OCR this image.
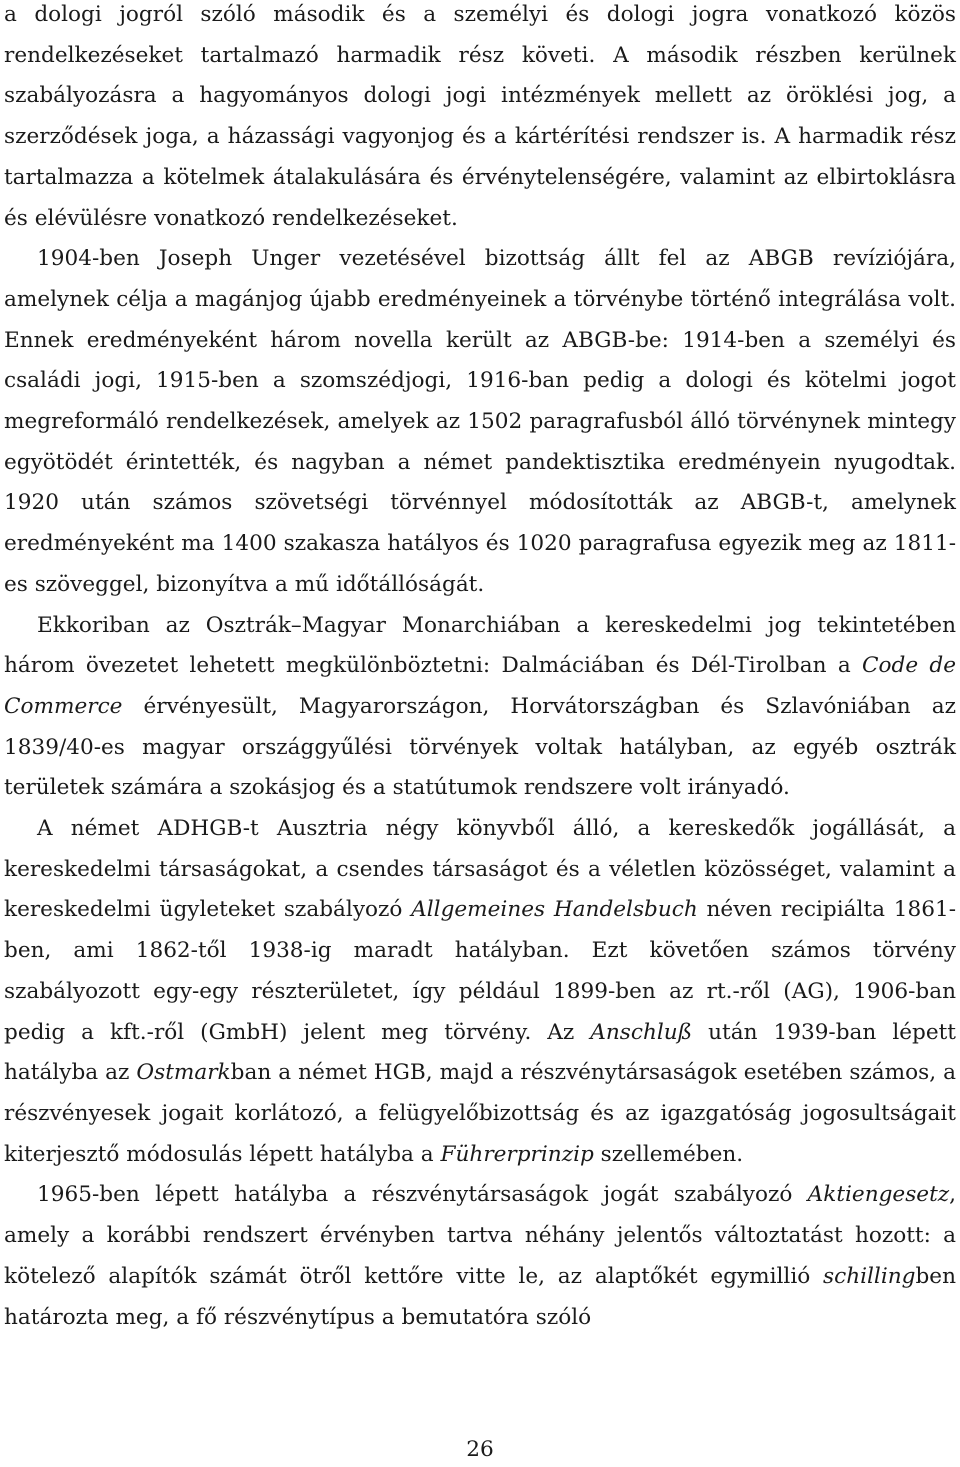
a dologi jogról szóló második és a személyi és dologi jogra vonatkozó közös rendelkezéseket tartalmazó harmadik rész követi. A második részben kerülnek szabályozásra a hagyományos dologi jogi intézmények mellett az öröklési jog, a szerződések joga, a házassági vagyonjog és a kártérítési rendszer is. A harmadik rész tartalmazza a kötelmek átalakulására és érvénytelenségére, valamint az elbirtoklásra és elévülésre vonatkozó rendelkezéseket.

1904-ben Joseph Unger vezetésével bizottság állt fel az ABGB revíziójára, amelynek célja a magánjog újabb eredményeinek a törvénybe történő integrálása volt. Ennek eredményeként három novella került az ABGB-be: 1914-ben a személyi és családi jogi, 1915-ben a szomszédjogi, 1916-ban pedig a dologi és kötelmi jogot megreformáló rendelkezések, amelyek az 1502 paragrafusból álló törvénynek mintegy egyötödét érintették, és nagyban a német pandektisztika eredményein nyugodtak. 1920 után számos szövetségi törvénnyel módosították az ABGB-t, amelynek eredményeként ma 1400 szakasza hatályos és 1020 paragrafusa egyezik meg az 1811-es szöveggel, bizonyítva a mű időtállóságát.

Ekkoriban az Osztrák–Magyar Monarchiában a kereskedelmi jog tekintetében három övezetet lehetett megkülönböztetni: Dalmáciában és Dél-Tirolban a Code de Commerce érvényesült, Magyarországon, Horvátországban és Szlavóniában az 1839/40-es magyar országgyűlési törvények voltak hatályban, az egyéb osztrák területek számára a szokásjog és a statútumok rendszere volt irányadó.

A német ADHGB-t Ausztria négy könyvből álló, a kereskedők jogállását, a kereskedelmi társaságokat, a csendes társaságot és a véletlen közösséget, valamint a kereskedelmi ügyleteket szabályozó Allgemeines Handelsbuch néven recipiálta 1861-ben, ami 1862-től 1938-ig maradt hatályban. Ezt követően számos törvény szabályozott egy-egy részterületet, így például 1899-ben az rt.-ről (AG), 1906-ban pedig a kft.-ről (GmbH) jelent meg törvény. Az Anschluß után 1939-ban lépett hatályba az Ostmarkban a német HGB, majd a részvénytársaságok esetében számos, a részvényesek jogait korlátozó, a felügyelőbizottság és az igazgatóság jogosultságait kiterjesztő módosulás lépett hatályba a Führerprinzip szellemében.

1965-ben lépett hatályba a részvénytársaságok jogát szabályozó Aktiengesetz, amely a korábbi rendszert érvényben tartva néhány jelentős változtatást hozott: a kötelező alapítók számát ötről kettőre vitte le, az alaptőkét egymillió schillingben határozta meg, a fő részvénytípus a bemutatóra szóló

26
